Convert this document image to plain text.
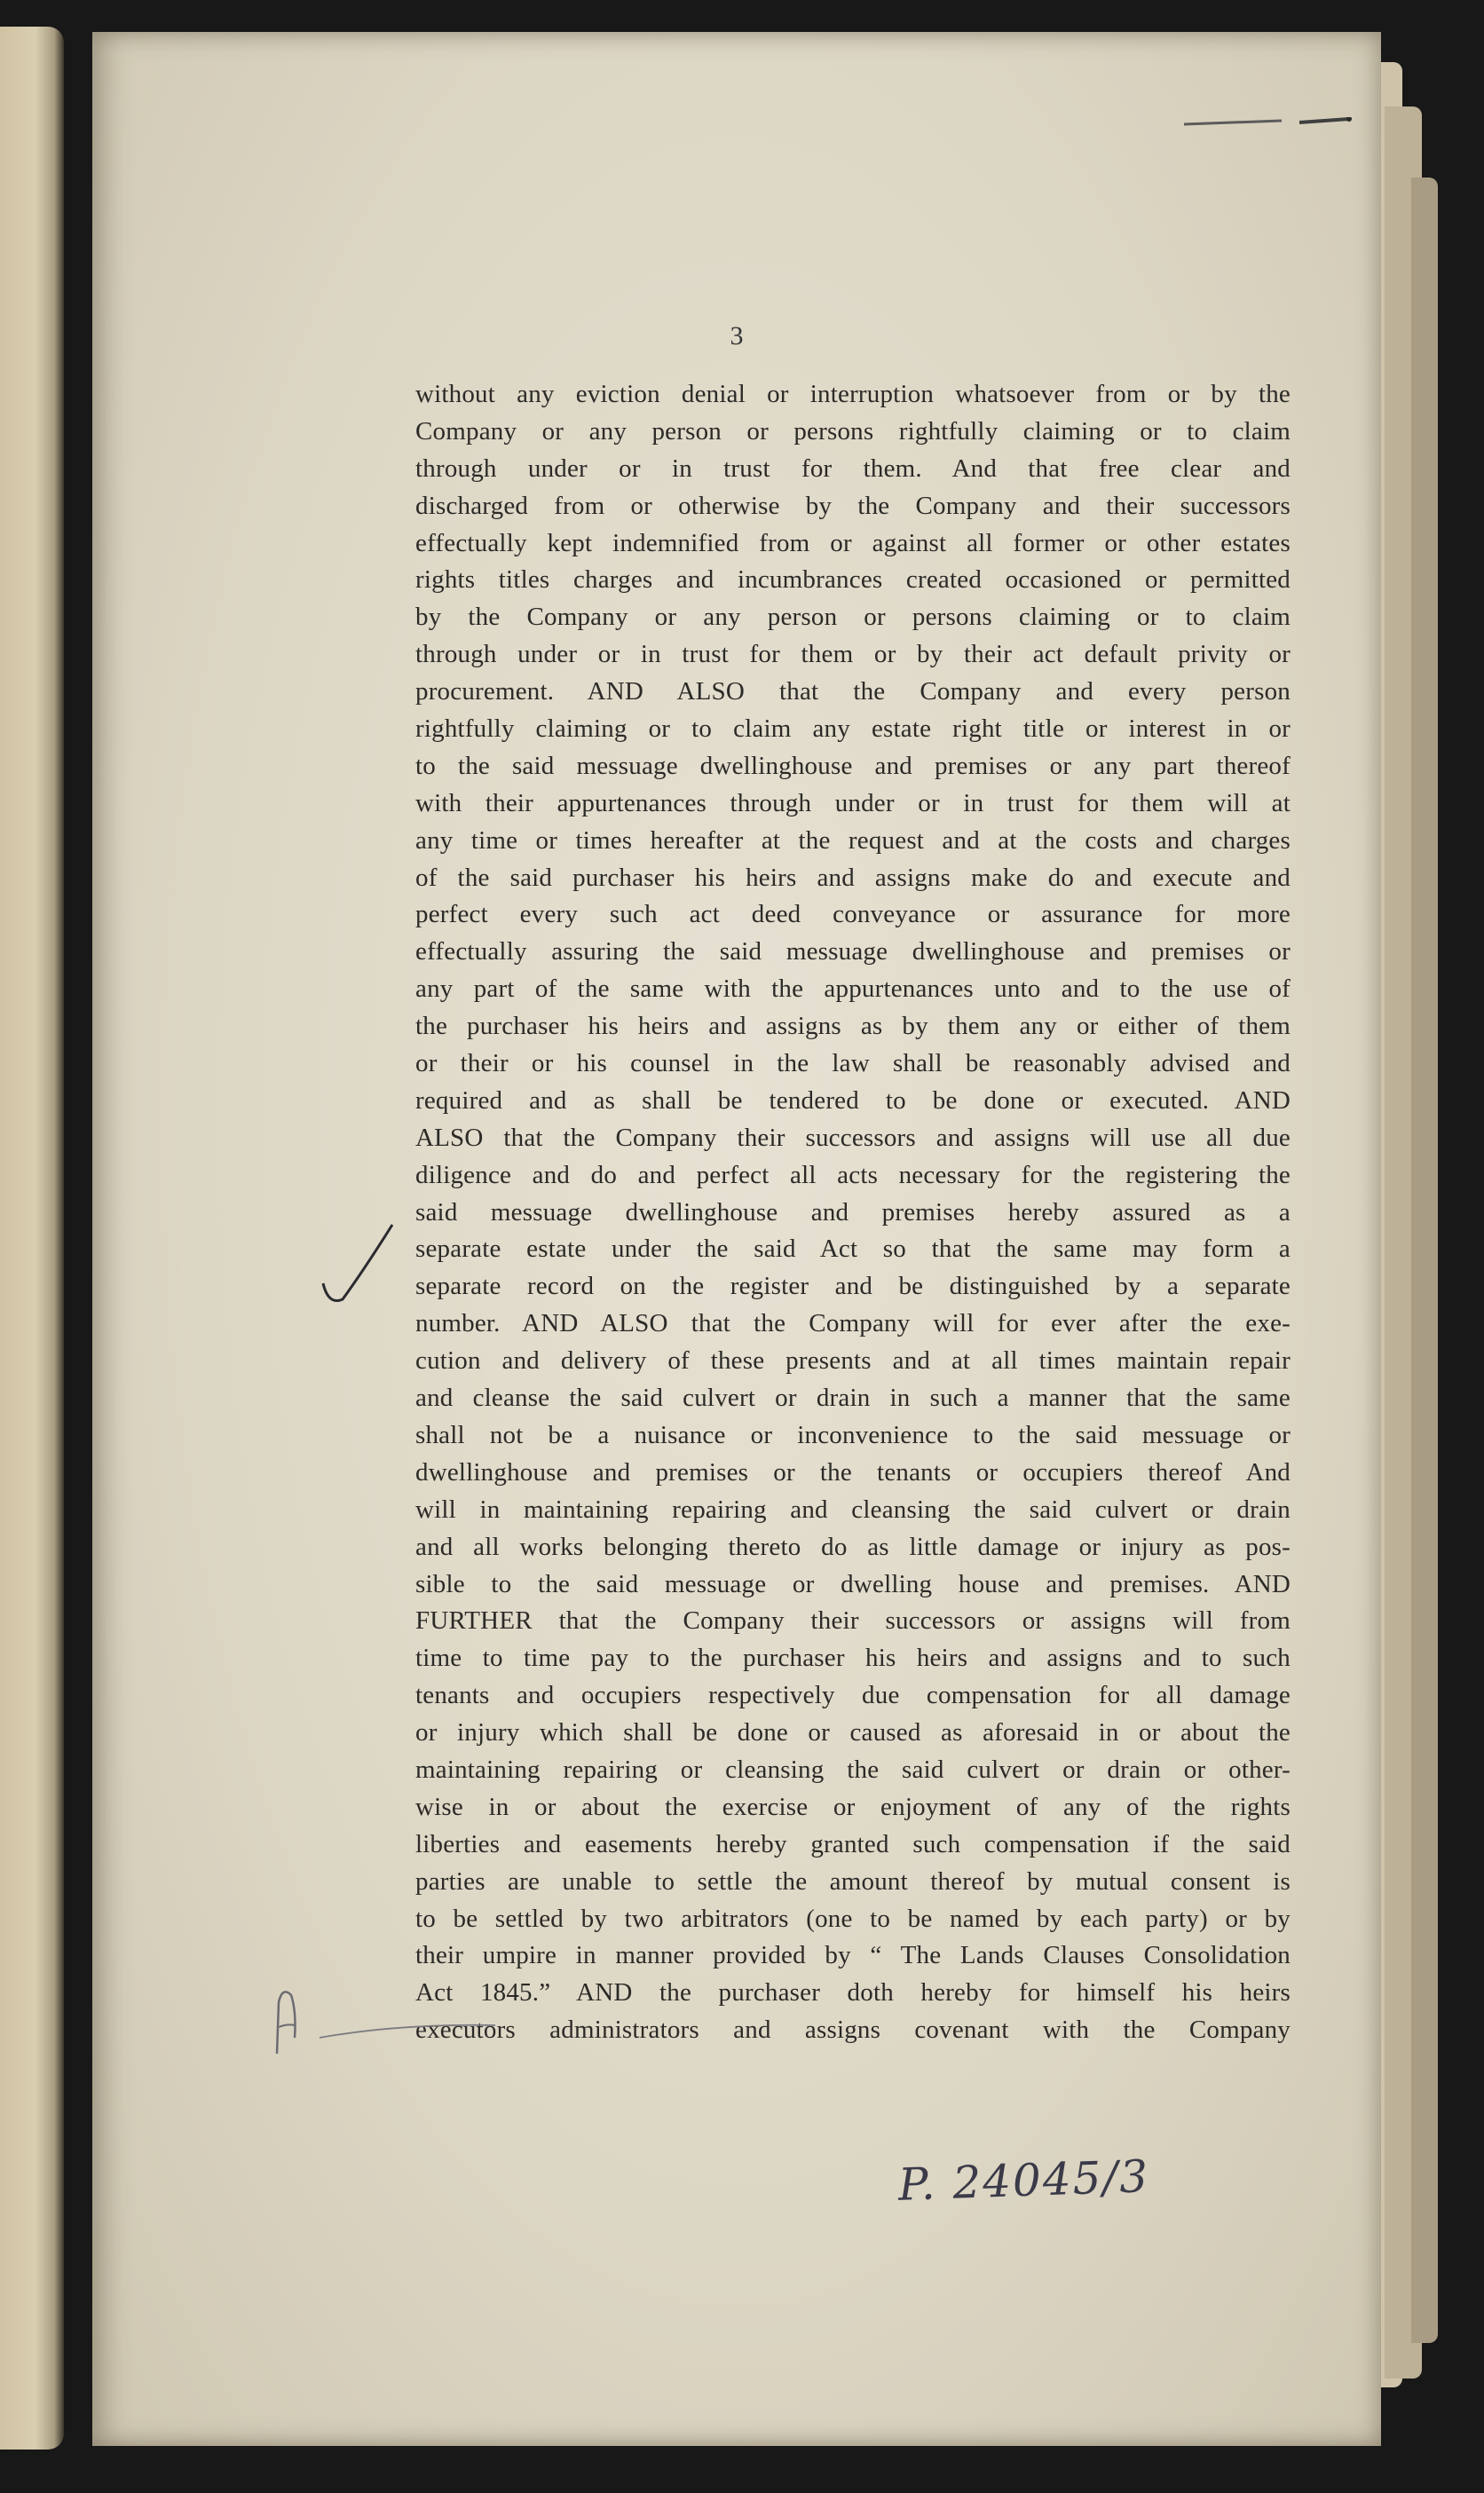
3
without any eviction denial or interruption whatsoever from or by the
Company or any person or persons rightfully claiming or to claim
through under or in trust for them. And that free clear and
discharged from or otherwise by the Company and their successors
effectually kept indemnified from or against all former or other estates
rights titles charges and incumbrances created occasioned or permitted
by the Company or any person or persons claiming or to claim
through under or in trust for them or by their act default privity or
procurement. AND ALSO that the Company and every person
rightfully claiming or to claim any estate right title or interest in or
to the said messuage dwellinghouse and premises or any part thereof
with their appurtenances through under or in trust for them will at
any time or times hereafter at the request and at the costs and charges
of the said purchaser his heirs and assigns make do and execute and
perfect every such act deed conveyance or assurance for more
effectually assuring the said messuage dwellinghouse and premises or
any part of the same with the appurtenances unto and to the use of
the purchaser his heirs and assigns as by them any or either of them
or their or his counsel in the law shall be reasonably advised and
required and as shall be tendered to be done or executed. AND
ALSO that the Company their successors and assigns will use all due
diligence and do and perfect all acts necessary for the registering the
said messuage dwellinghouse and premises hereby assured as a
separate estate under the said Act so that the same may form a
separate record on the register and be distinguished by a separate
number. AND ALSO that the Company will for ever after the exe-
cution and delivery of these presents and at all times maintain repair
and cleanse the said culvert or drain in such a manner that the same
shall not be a nuisance or inconvenience to the said messuage or
dwellinghouse and premises or the tenants or occupiers thereof And
will in maintaining repairing and cleansing the said culvert or drain
and all works belonging thereto do as little damage or injury as pos-
sible to the said messuage or dwelling house and premises. AND
FURTHER that the Company their successors or assigns will from
time to time pay to the purchaser his heirs and assigns and to such
tenants and occupiers respectively due compensation for all damage
or injury which shall be done or caused as aforesaid in or about the
maintaining repairing or cleansing the said culvert or drain or other-
wise in or about the exercise or enjoyment of any of the rights
liberties and easements hereby granted such compensation if the said
parties are unable to settle the amount thereof by mutual consent is
to be settled by two arbitrators (one to be named by each party) or by
their umpire in manner provided by “ The Lands Clauses Consolidation
Act 1845.” AND the purchaser doth hereby for himself his heirs
executors administrators and assigns covenant with the Company
P. 24045/3
